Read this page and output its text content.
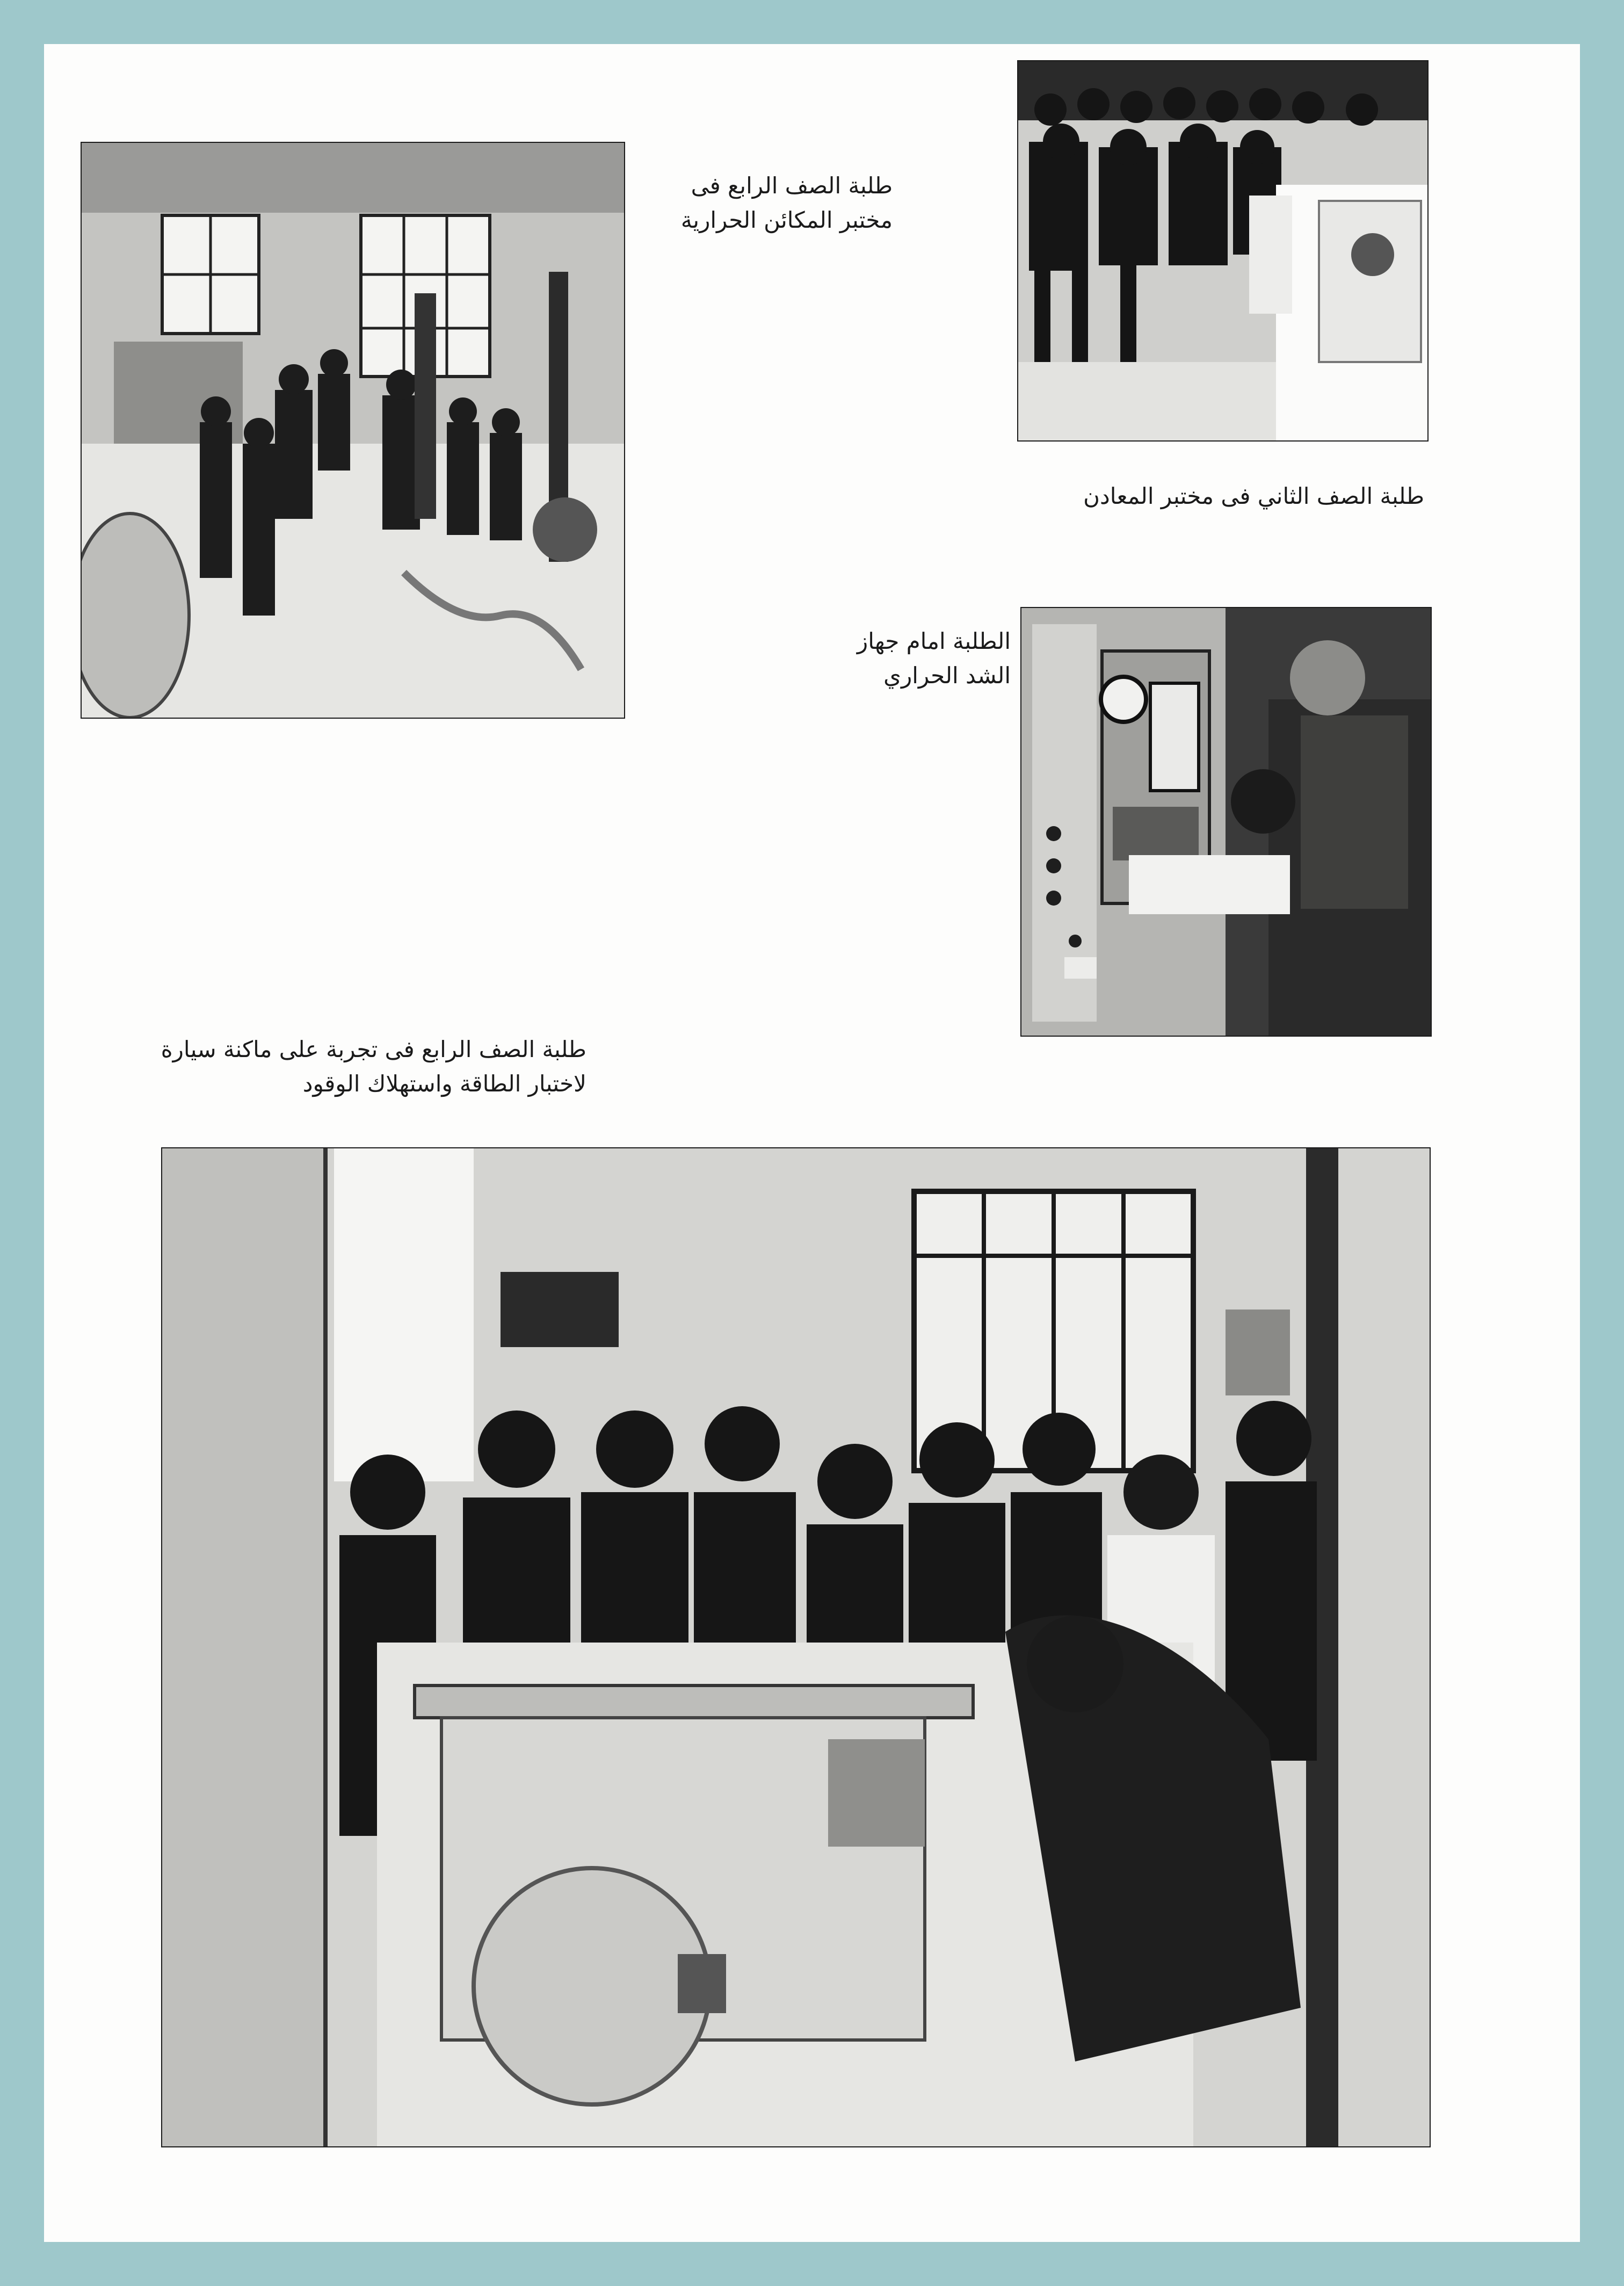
طلبة الصف الرابع فى
مختبر المكائن الحرارية
طلبة الصف الثاني فى مختبر المعادن
الطلبة امام جهاز
الشد الحراري
طلبة الصف الرابع فى تجربة على ماكنة سيارة
لاختبار الطاقة واستهلاك الوقود
